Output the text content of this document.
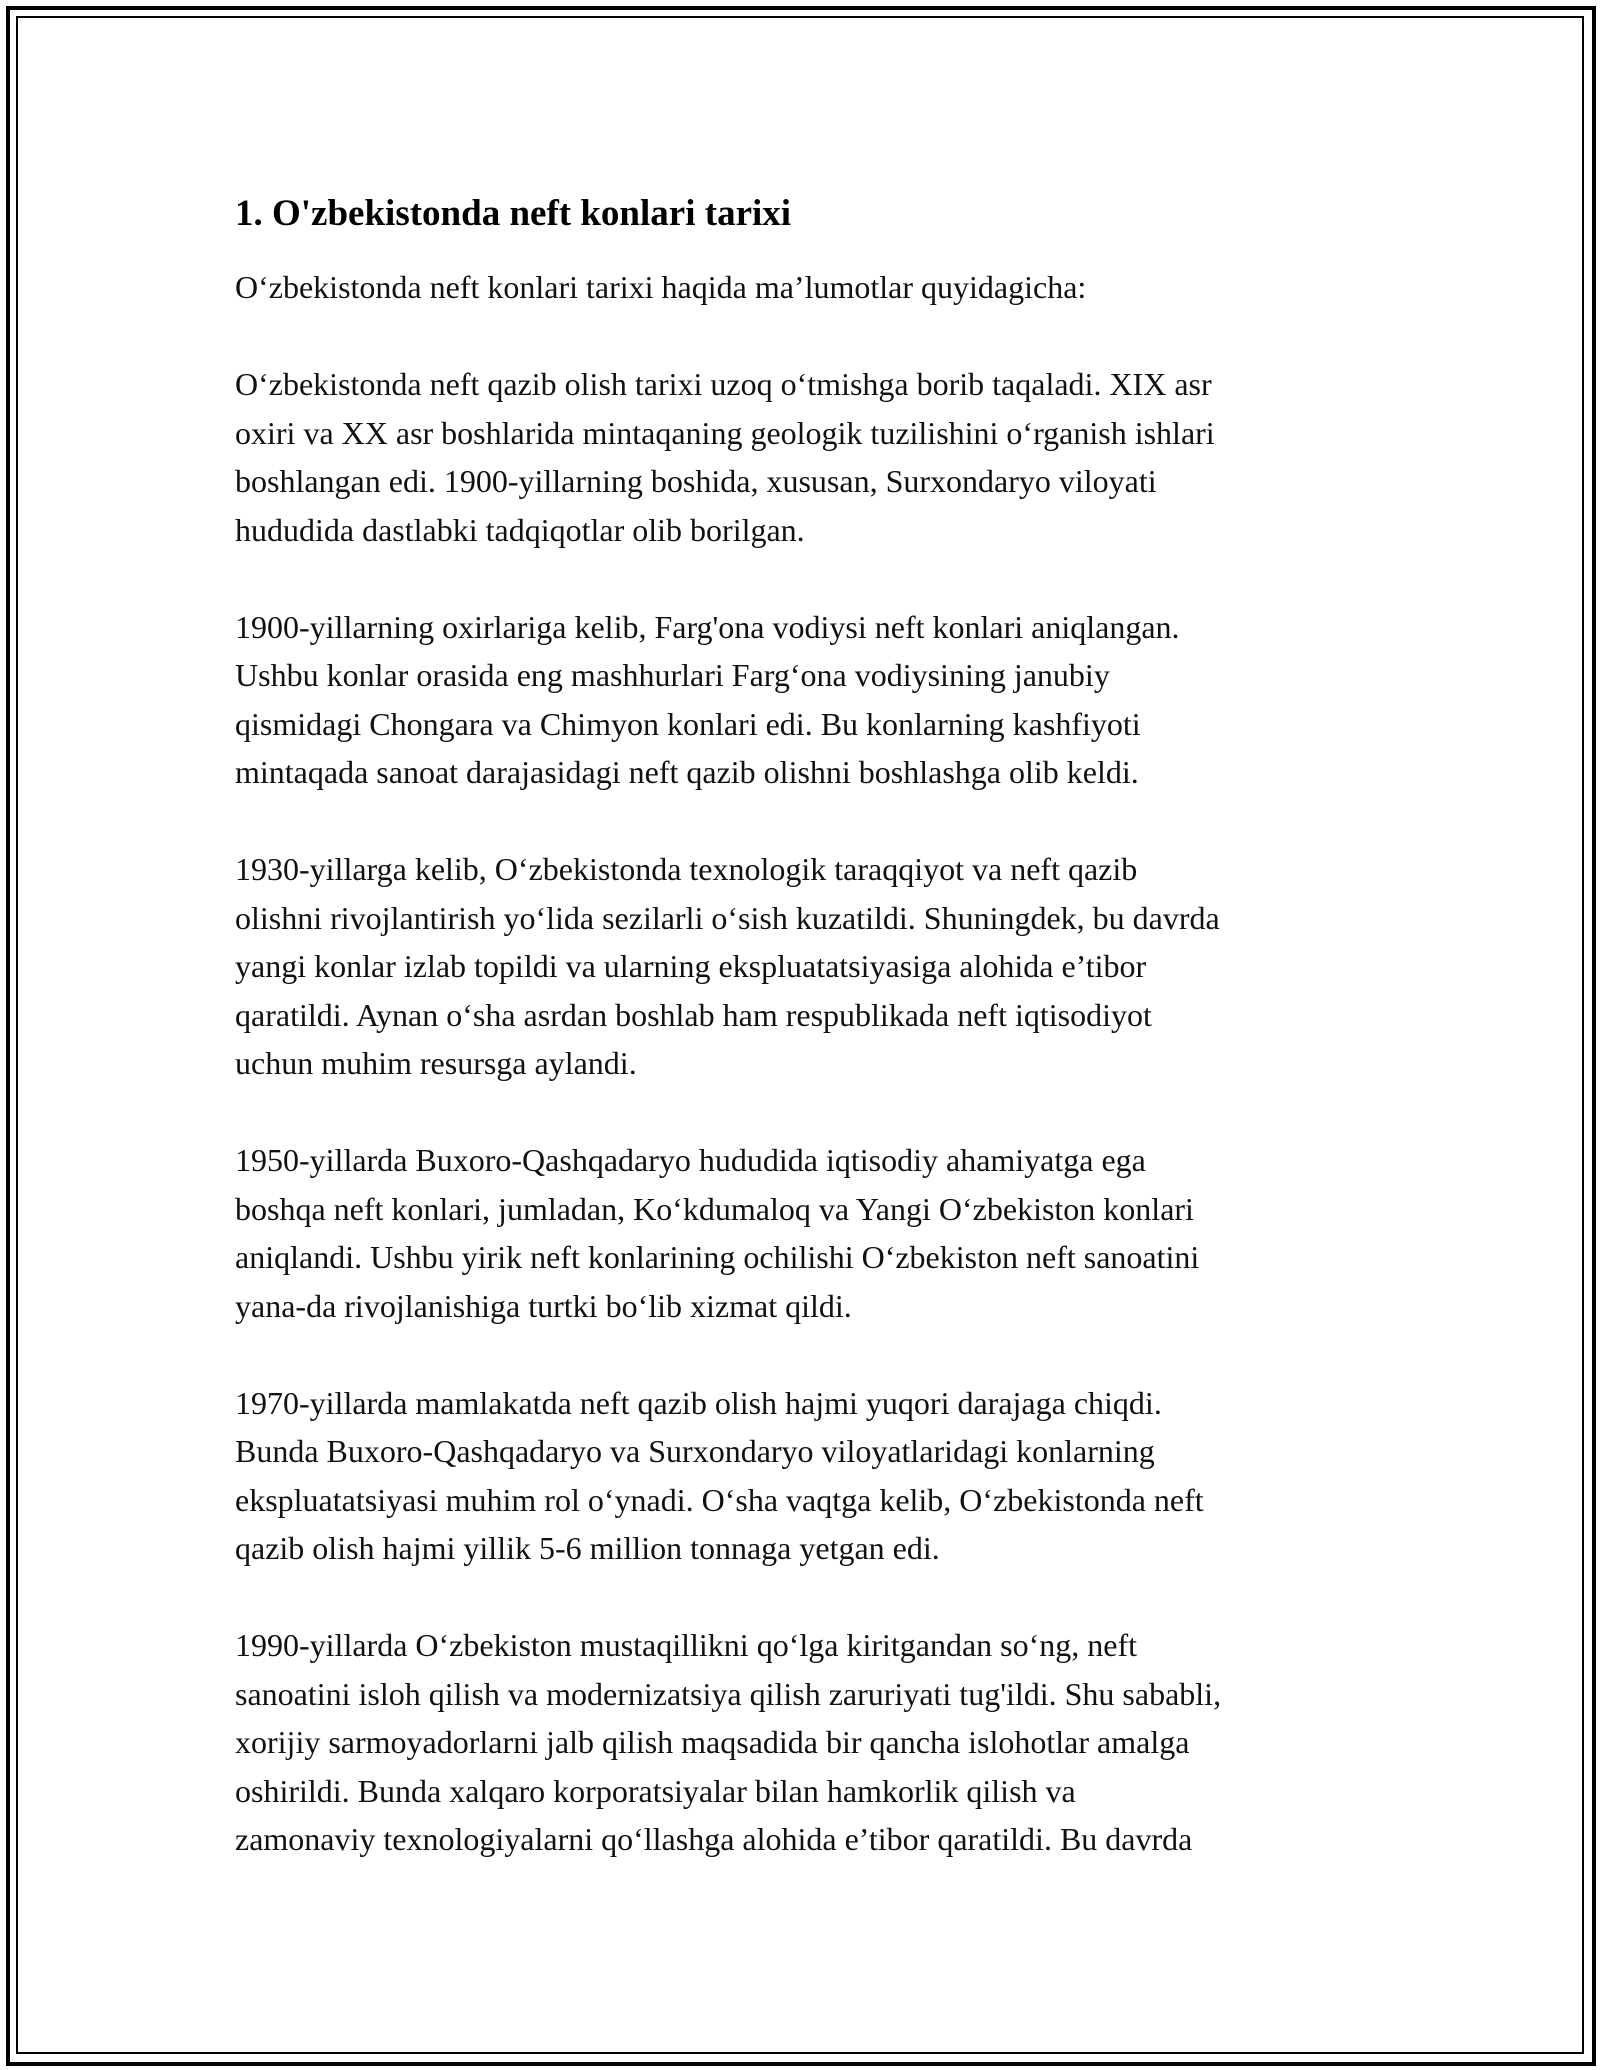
1. O'zbekistonda neft konlari tarixi

O‘zbekistonda neft konlari tarixi haqida ma’lumotlar quyidagicha:

O‘zbekistonda neft qazib olish tarixi uzoq o‘tmishga borib taqaladi. XIX asr
oxiri va XX asr boshlarida mintaqaning geologik tuzilishini o‘rganish ishlari
boshlangan edi. 1900-yillarning boshida, xususan, Surxondaryo viloyati
hududida dastlabki tadqiqotlar olib borilgan.

1900-yillarning oxirlariga kelib, Farg'ona vodiysi neft konlari aniqlangan.
Ushbu konlar orasida eng mashhurlari Farg‘ona vodiysining janubiy
qismidagi Chongara va Chimyon konlari edi. Bu konlarning kashfiyoti
mintaqada sanoat darajasidagi neft qazib olishni boshlashga olib keldi.

1930-yillarga kelib, O‘zbekistonda texnologik taraqqiyot va neft qazib
olishni rivojlantirish yo‘lida sezilarli o‘sish kuzatildi. Shuningdek, bu davrda
yangi konlar izlab topildi va ularning ekspluatatsiyasiga alohida e’tibor
qaratildi. Aynan o‘sha asrdan boshlab ham respublikada neft iqtisodiyot
uchun muhim resursga aylandi.

1950-yillarda Buxoro-Qashqadaryo hududida iqtisodiy ahamiyatga ega
boshqa neft konlari, jumladan, Ko‘kdumaloq va Yangi O‘zbekiston konlari
aniqlandi. Ushbu yirik neft konlarining ochilishi O‘zbekiston neft sanoatini
yana-da rivojlanishiga turtki bo‘lib xizmat qildi.

1970-yillarda mamlakatda neft qazib olish hajmi yuqori darajaga chiqdi.
Bunda Buxoro-Qashqadaryo va Surxondaryo viloyatlaridagi konlarning
ekspluatatsiyasi muhim rol o‘ynadi. O‘sha vaqtga kelib, O‘zbekistonda neft
qazib olish hajmi yillik 5-6 million tonnaga yetgan edi.

1990-yillarda O‘zbekiston mustaqillikni qo‘lga kiritgandan so‘ng, neft
sanoatini isloh qilish va modernizatsiya qilish zaruriyati tug'ildi. Shu sababli,
xorijiy sarmoyadorlarni jalb qilish maqsadida bir qancha islohotlar amalga
oshirildi. Bunda xalqaro korporatsiyalar bilan hamkorlik qilish va
zamonaviy texnologiyalarni qo‘llashga alohida e’tibor qaratildi. Bu davrda
